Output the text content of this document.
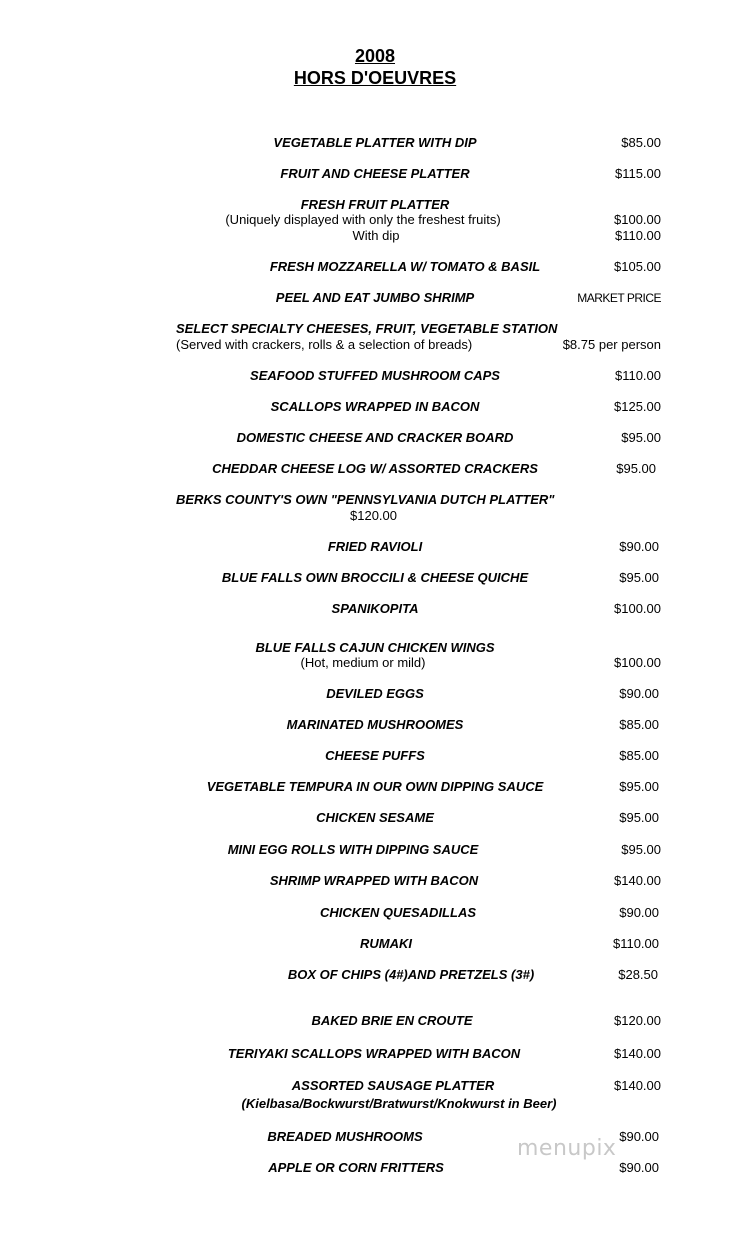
2008
HORS D'OEUVRES
VEGETABLE PLATTER WITH DIP	$85.00
FRUIT AND CHEESE PLATTER	$115.00
FRESH FRUIT PLATTER
(Uniquely displayed with only the freshest fruits)	$100.00
With dip	$110.00
FRESH MOZZARELLA W/ TOMATO & BASIL	$105.00
PEEL AND EAT JUMBO SHRIMP	MARKET PRICE
SELECT SPECIALTY CHEESES, FRUIT, VEGETABLE STATION
(Served with crackers, rolls & a selection of breads)	$8.75 per person
SEAFOOD STUFFED MUSHROOM CAPS	$110.00
SCALLOPS WRAPPED IN BACON	$125.00
DOMESTIC CHEESE AND CRACKER BOARD	$95.00
CHEDDAR CHEESE LOG W/ ASSORTED CRACKERS	$95.00
BERKS COUNTY'S OWN "PENNSYLVANIA DUTCH PLATTER"
$120.00
FRIED RAVIOLI	$90.00
BLUE FALLS OWN BROCCILI & CHEESE QUICHE	$95.00
SPANIKOPITA	$100.00
BLUE FALLS CAJUN CHICKEN WINGS
(Hot, medium or mild)	$100.00
DEVILED EGGS	$90.00
MARINATED MUSHROOMES	$85.00
CHEESE PUFFS	$85.00
VEGETABLE TEMPURA IN OUR OWN DIPPING SAUCE	$95.00
CHICKEN SESAME	$95.00
MINI EGG ROLLS WITH DIPPING SAUCE	$95.00
SHRIMP WRAPPED WITH BACON	$140.00
CHICKEN QUESADILLAS	$90.00
RUMAKI	$110.00
BOX OF CHIPS (4#)AND PRETZELS (3#)	$28.50
BAKED BRIE EN CROUTE	$120.00
TERIYAKI SCALLOPS WRAPPED WITH BACON	$140.00
ASSORTED SAUSAGE PLATTER
(Kielbasa/Bockwurst/Bratwurst/Knokwurst in Beer)
$140.00
BREADED MUSHROOMS	$90.00
APPLE OR CORN FRITTERS	$90.00
menupix
